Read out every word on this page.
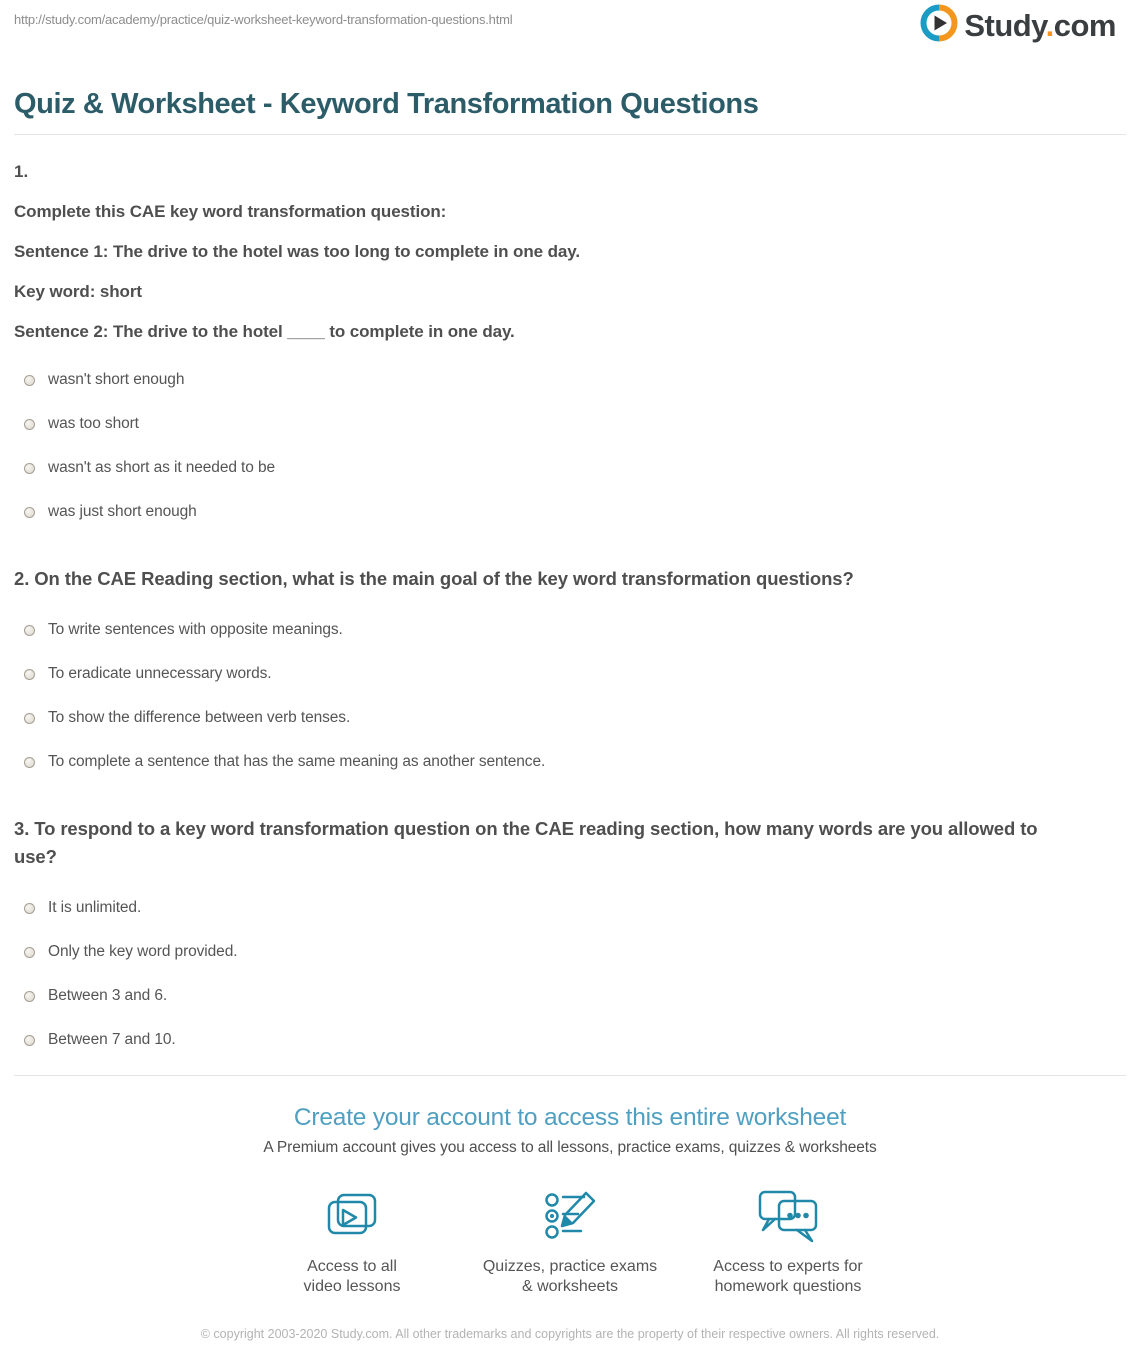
http://study.com/academy/practice/quiz-worksheet-keyword-transformation-questions.html	Study.com
Quiz & Worksheet - Keyword Transformation Questions

1.

Complete this CAE key word transformation question:

Sentence 1: The drive to the hotel was too long to complete in one day.

Key word: short

Sentence 2: The drive to the hotel ____ to complete in one day.

wasn't short enough
was too short
wasn't as short as it needed to be
was just short enough

2. On the CAE Reading section, what is the main goal of the key word transformation questions?

To write sentences with opposite meanings.
To eradicate unnecessary words.
To show the difference between verb tenses.
To complete a sentence that has the same meaning as another sentence.

3. To respond to a key word transformation question on the CAE reading section, how many words are you allowed to use?

It is unlimited.
Only the key word provided.
Between 3 and 6.
Between 7 and 10.
Create your account to access this entire worksheet
A Premium account gives you access to all lessons, practice exams, quizzes & worksheets
Access to all
video lessons
Quizzes, practice exams
& worksheets
Access to experts for
homework questions
© copyright 2003-2020 Study.com. All other trademarks and copyrights are the property of their respective owners. All rights reserved.
